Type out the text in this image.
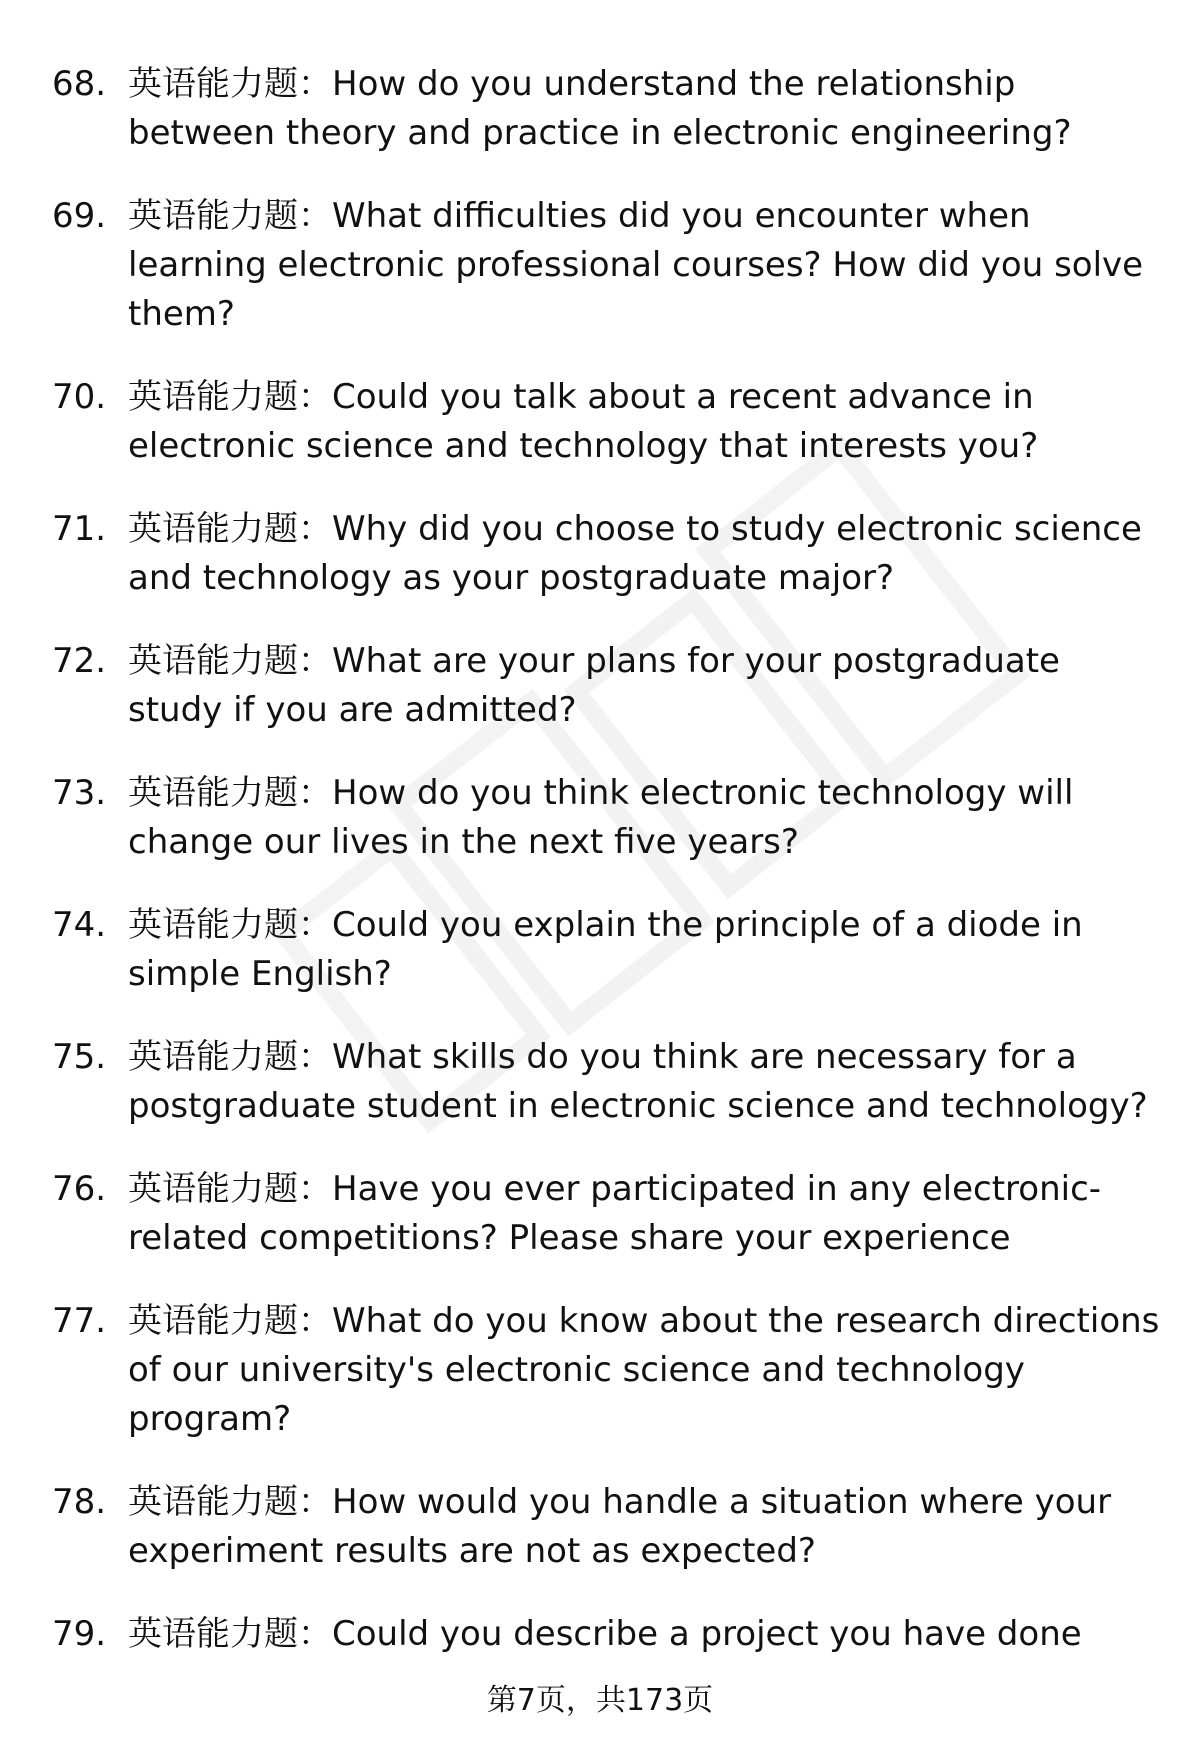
68. 英语能力题：How do you understand the relationship between theory and practice in electronic engineering?
69. 英语能力题：What difficulties did you encounter when learning electronic professional courses? How did you solve them?
70. 英语能力题：Could you talk about a recent advance in electronic science and technology that interests you?
71. 英语能力题：Why did you choose to study electronic science and technology as your postgraduate major?
72. 英语能力题：What are your plans for your postgraduate study if you are admitted?
73. 英语能力题：How do you think electronic technology will change our lives in the next five years?
74. 英语能力题：Could you explain the principle of a diode in simple English?
75. 英语能力题：What skills do you think are necessary for a postgraduate student in electronic science and technology?
76. 英语能力题：Have you ever participated in any electronic-related competitions? Please share your experience
77. 英语能力题：What do you know about the research directions of our university's electronic science and technology program?
78. 英语能力题：How would you handle a situation where your experiment results are not as expected?
79. 英语能力题：Could you describe a project you have done
第7页，共173页
